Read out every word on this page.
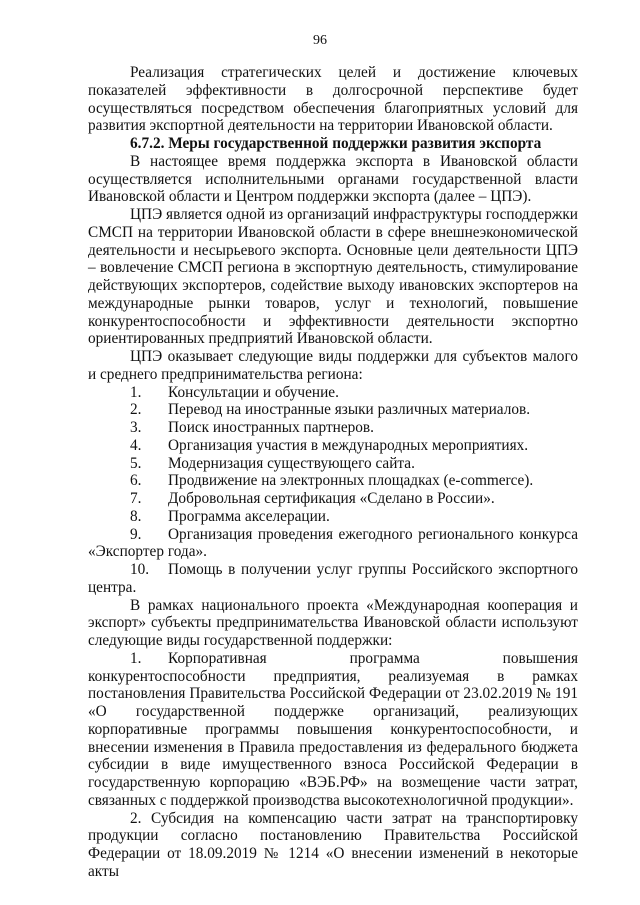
96

Реализация стратегических целей и достижение ключевых показателей эффективности в долгосрочной перспективе будет осуществляться посредством обеспечения благоприятных условий для развития экспортной деятельности на территории Ивановской области.

6.7.2. Меры государственной поддержки развития экспорта

В настоящее время поддержка экспорта в Ивановской области осуществляется исполнительными органами государственной власти Ивановской области и Центром поддержки экспорта (далее – ЦПЭ).

ЦПЭ является одной из организаций инфраструктуры господдержки СМСП на территории Ивановской области в сфере внешнеэкономической деятельности и несырьевого экспорта. Основные цели деятельности ЦПЭ – вовлечение СМСП региона в экспортную деятельность, стимулирование действующих экспортеров, содействие выходу ивановских экспортеров на международные рынки товаров, услуг и технологий, повышение конкурентоспособности и эффективности деятельности экспортно ориентированных предприятий Ивановской области.

ЦПЭ оказывает следующие виды поддержки для субъектов малого и среднего предпринимательства региона:

1.	Консультации и обучение.
2.	Перевод на иностранные языки различных материалов.
3.	Поиск иностранных партнеров.
4.	Организация участия в международных мероприятиях.
5.	Модернизация существующего сайта.
6.	Продвижение на электронных площадках (e-commerce).
7.	Добровольная сертификация «Сделано в России».
8.	Программа акселерации.
9. Организация проведения ежегодного регионального конкурса «Экспортер года».
10. Помощь в получении услуг группы Российского экспортного центра.

В рамках национального проекта «Международная кооперация и экспорт» субъекты предпринимательства Ивановской области используют следующие виды государственной поддержки:

1. Корпоративная программа повышения конкурентоспособности предприятия, реализуемая в рамках постановления Правительства Российской Федерации от 23.02.2019 № 191 «О государственной поддержке организаций, реализующих корпоративные программы повышения конкурентоспособности, и внесении изменения в Правила предоставления из федерального бюджета субсидии в виде имущественного взноса Российской Федерации в государственную корпорацию «ВЭБ.РФ» на возмещение части затрат, связанных с поддержкой производства высокотехнологичной продукции».

2. Субсидия на компенсацию части затрат на транспортировку продукции согласно постановлению Правительства Российской Федерации от 18.09.2019 № 1214 «О внесении изменений в некоторые акты
